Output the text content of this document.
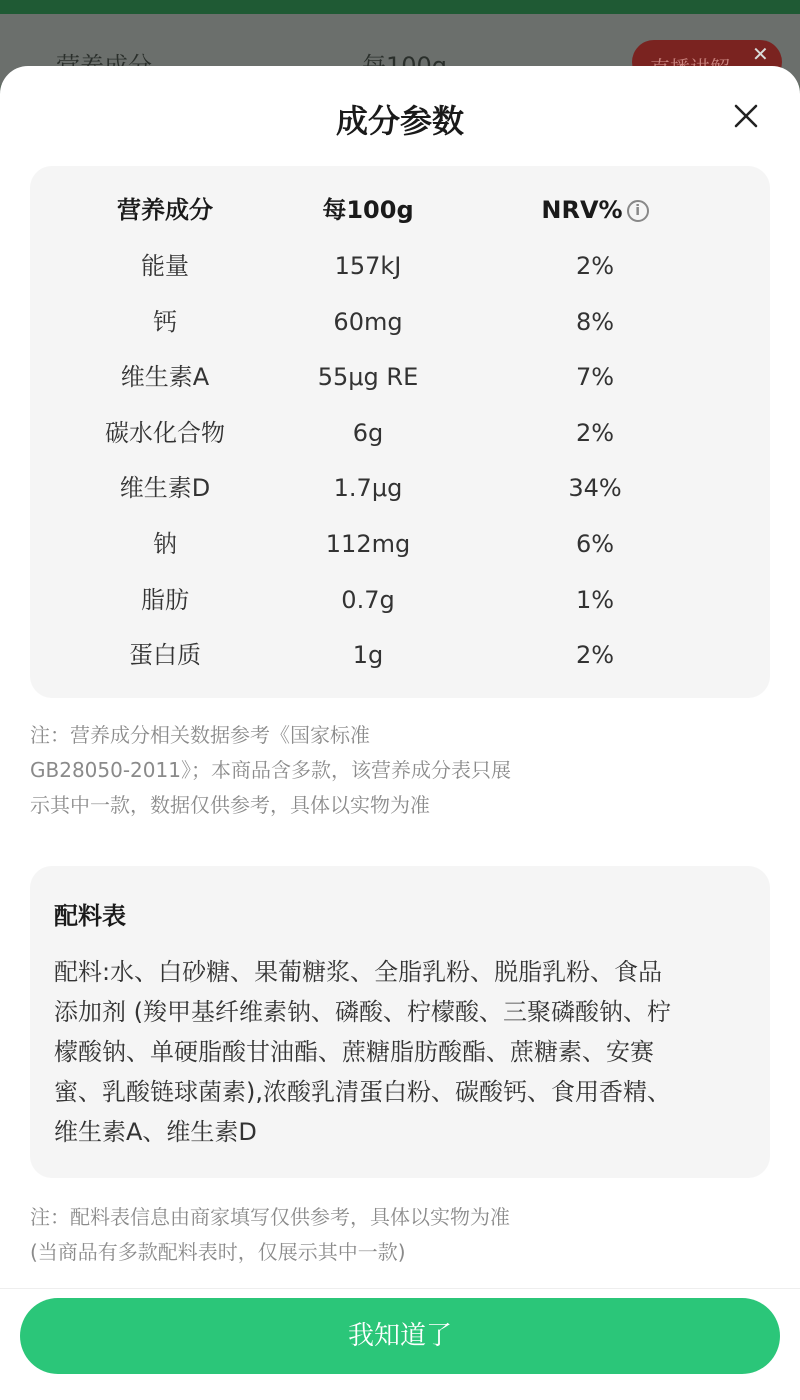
✕
成分参数
营养成分	每100g	NRV% i
能量	157kJ	2%
钙	60mg	8%
维生素A	55μg RE	7%
碳水化合物	6g	2%
维生素D	1.7μg	34%
钠	112mg	6%
脂肪	0.7g	1%
蛋白质	1g	2%
注：营养成分相关数据参考《国家标准
GB28050-2011》；本商品含多款，该营养成分表只展
示其中一款，数据仅供参考，具体以实物为准
配料表
配料:水、白砂糖、果葡糖浆、全脂乳粉、脱脂乳粉、食品
添加剂 (羧甲基纤维素钠、磷酸、柠檬酸、三聚磷酸钠、柠
檬酸钠、单硬脂酸甘油酯、蔗糖脂肪酸酯、蔗糖素、安赛
蜜、乳酸链球菌素),浓酸乳清蛋白粉、碳酸钙、食用香精、
维生素A、维生素D
注：配料表信息由商家填写仅供参考，具体以实物为准
(当商品有多款配料表时，仅展示其中一款)
我知道了
